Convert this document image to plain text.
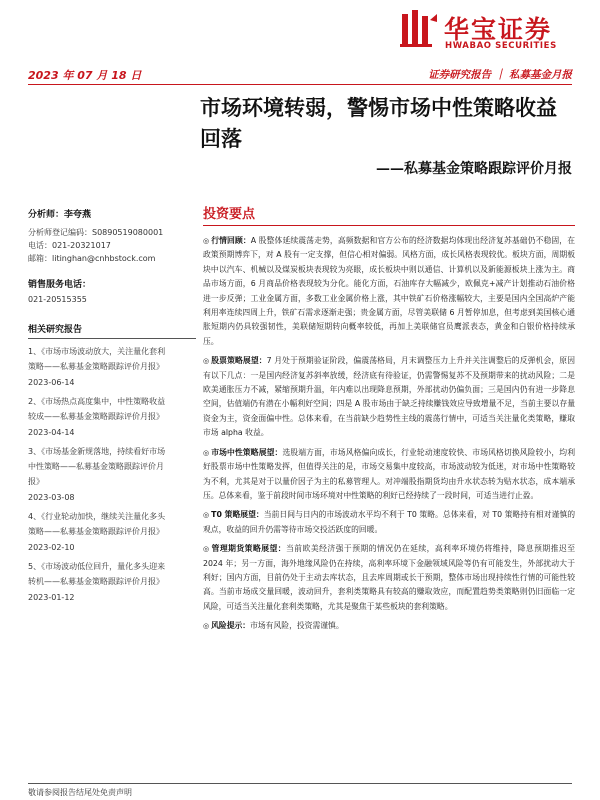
华宝证券
HWABAO SECURITIES
2023 年 07 月 18 日	证券研究报告 ｜ 私募基金月报
市场环境转弱，警惕市场中性策略收益回落
——私募基金策略跟踪评价月报
分析师：李夸燕
分析师登记编码：S0890519080001
电话：021-20321017
邮箱：litinghan@cnhbstock.com
销售服务电话：
021-20515355
相关研究报告
1、《市场市场波动放大，关注量化套利
策略——私募基金策略跟踪评价月报》
2023-06-14
2、《市场热点高度集中，中性策略收益
较成——私募基金策略跟踪评价月报》
2023-04-14
3、《市场基金新规落地，持续看好市场
中性策略——私募基金策略跟踪评价月
报》
2023-03-08
4、《行业轮动加快，继续关注量化多头
策略——私募基金策略跟踪评价月报》
2023-02-10
5、《市场波动低位回升，量化多头迎来
转机——私募基金策略跟踪评价月报》
2023-01-12
投资要点

◎ 行情回顾：A 股整体延续震荡走势，高频数据和官方公布的经济数据均体现出经济复苏基础仍不稳固，在政策预期博弈下，对 A 股有一定支撑，但信心相对偏弱。风格方面，成长风格表现较优。板块方面，周期板块中以汽车、机械以及煤炭板块表现较为亮眼，成长板块中则以通信、计算机以及新能源板块上涨为主。商品市场方面，6 月商品价格表现较为分化。能化方面，石油库存大幅减少，欧佩克+减产计划推动石油价格进一步反弹；工业金属方面，多数工业金属价格上涨，其中铁矿石价格涨幅较大，主要是国内全国高炉产能利用率连续四周上升，铁矿石需求逐渐走强；贵金属方面，尽管美联储 6 月暂停加息，但考虑到美国核心通胀短期内仍具较强韧性，美联储短期转向概率较低，再加上美联储官员鹰派表态，黄金和白银价格持续承压。

◎ 股票策略展望：7 月处于预期验证阶段，偏震荡格局，月末调整压力上升并关注调整后的反弹机会，原因有以下几点：一是国内经济复苏斜率放缓，经济底有待验证，仍需警惕复苏不及预期带来的扰动风险；二是欧美通胀压力不减，紧缩预期升温，年内难以出现降息预期，外部扰动仍偏负面；三是国内仍有进一步降息空间，估值端仍有潜在小幅利好空间；四是 A 股市场由于缺乏持续赚钱效应导致增量不足，当前主要以存量资金为主，资金面偏中性。总体来看，在当前缺少趋势性主线的震荡行情中，可适当关注量化类策略，赚取市场 alpha 收益。

◎ 市场中性策略展望：选股端方面，市场风格偏向成长，行业轮动速度较快、市场风格切换风险较小，均利好股票市场中性策略发挥，但值得关注的是，市场交易集中度较高，市场波动较为低迷，对市场中性策略较为不利，尤其是对于以量价因子为主的私募管理人。对冲端股指期货均由升水状态转为贴水状态，成本端承压。总体来看，鉴于前段时间市场环境对中性策略的利好已经持续了一段时间，可适当进行止盈。

◎ T0 策略展望：当前日间与日内的市场波动水平均不利于 T0 策略。总体来看，对 T0 策略持有相对谨慎的观点，收益的回升仍需等待市场交投活跃度的回暖。

◎ 管理期货策略展望：当前欧美经济强于预期的情况仍在延续，高利率环境仍将维持，降息预期推迟至 2024 年；另一方面，海外地缘风险仍在持续，高利率环境下金融领域风险等仍有可能发生，外部扰动大于利好；国内方面，目前仍处于主动去库状态，且去库周期或长于预期，整体市场出现持续性行情的可能性较高。当前市场成交量回暖，波动回升，套利类策略具有较高的赚取效应，而配置趋势类策略则仍旧面临一定风险，可适当关注量化套利类策略，尤其是聚焦于某些板块的套利策略。

◎ 风险提示：市场有风险，投资需谨慎。

敬请参阅报告结尾处免责声明
